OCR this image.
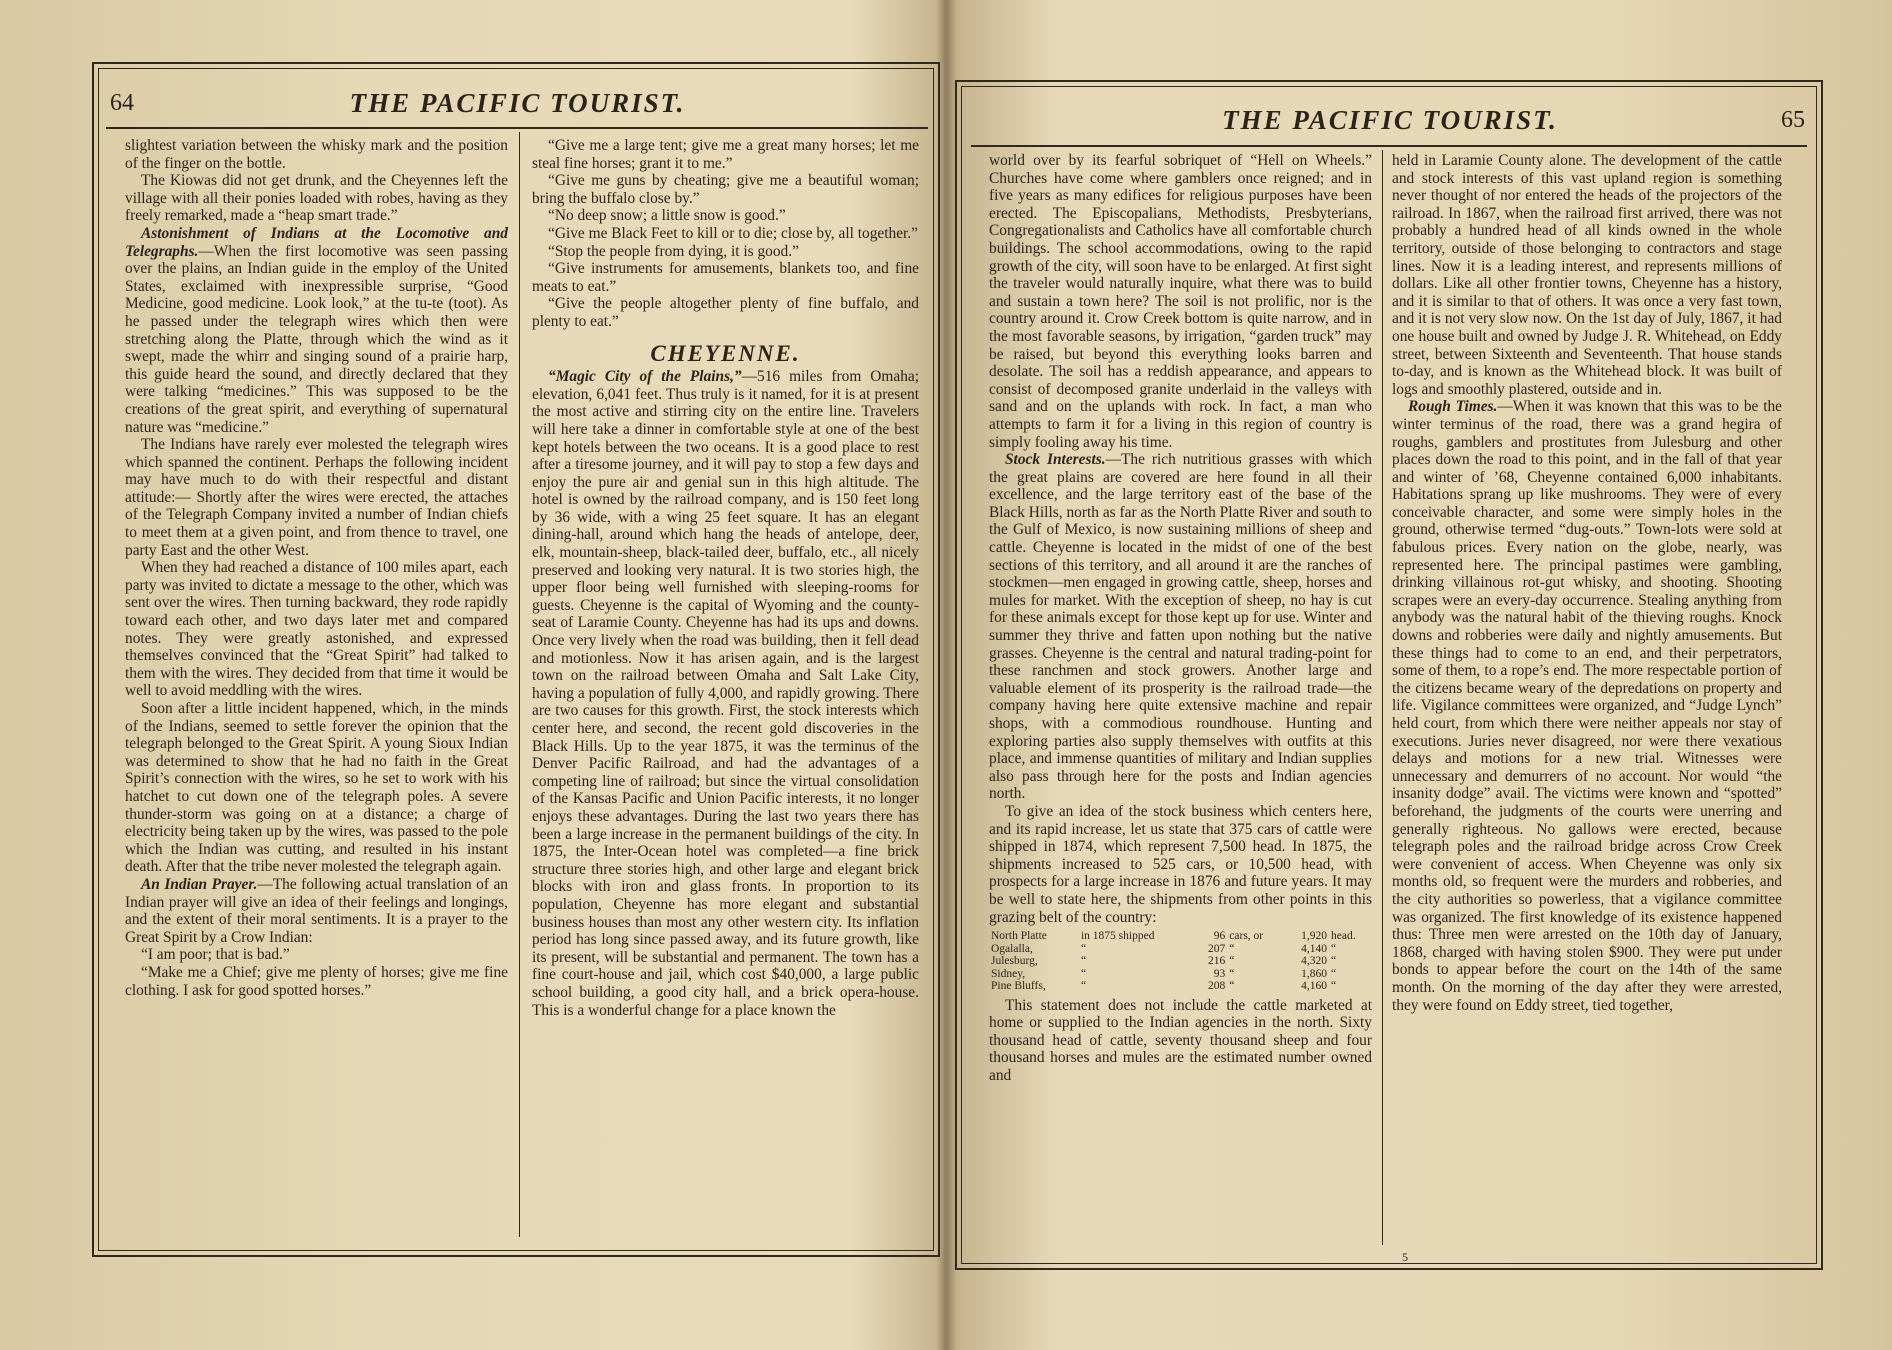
64	THE PACIFIC TOURIST.

slightest variation between the whisky mark and the position of the finger on the bottle.

The Kiowas did not get drunk, and the Cheyennes left the village with all their ponies loaded with robes, having as they freely remarked, made a “heap smart trade.”

Astonishment of Indians at the Locomotive and Telegraphs.—When the first locomotive was seen passing over the plains, an Indian guide in the employ of the United States, exclaimed with inexpressible surprise, “Good Medicine, good medicine. Look look,” at the tu-te (toot). As he passed under the telegraph wires which then were stretching along the Platte, through which the wind as it swept, made the whirr and singing sound of a prairie harp, this guide heard the sound, and directly declared that they were talking “medicines.” This was supposed to be the creations of the great spirit, and everything of supernatural nature was “medicine.”

The Indians have rarely ever molested the telegraph wires which spanned the continent. Perhaps the following incident may have much to do with their respectful and distant attitude:— Shortly after the wires were erected, the attaches of the Telegraph Company invited a number of Indian chiefs to meet them at a given point, and from thence to travel, one party East and the other West.

When they had reached a distance of 100 miles apart, each party was invited to dictate a message to the other, which was sent over the wires. Then turning backward, they rode rapidly toward each other, and two days later met and compared notes. They were greatly astonished, and expressed themselves convinced that the “Great Spirit” had talked to them with the wires. They decided from that time it would be well to avoid meddling with the wires.

Soon after a little incident happened, which, in the minds of the Indians, seemed to settle forever the opinion that the telegraph belonged to the Great Spirit. A young Sioux Indian was determined to show that he had no faith in the Great Spirit’s connection with the wires, so he set to work with his hatchet to cut down one of the telegraph poles. A severe thunder-storm was going on at a distance; a charge of electricity being taken up by the wires, was passed to the pole which the Indian was cutting, and resulted in his instant death. After that the tribe never molested the telegraph again.

An Indian Prayer.—The following actual translation of an Indian prayer will give an idea of their feelings and longings, and the extent of their moral sentiments. It is a prayer to the Great Spirit by a Crow Indian:

“I am poor; that is bad.”

“Make me a Chief; give me plenty of horses; give me fine clothing. I ask for good spotted horses.”

“Give me a large tent; give me a great many horses; let me steal fine horses; grant it to me.”

“Give me guns by cheating; give me a beautiful woman; bring the buffalo close by.”

“No deep snow; a little snow is good.”

“Give me Black Feet to kill or to die; close by, all together.”

“Stop the people from dying, it is good.”

“Give instruments for amusements, blankets too, and fine meats to eat.”

“Give the people altogether plenty of fine buffalo, and plenty to eat.”

CHEYENNE.

“Magic City of the Plains,”—516 miles from Omaha; elevation, 6,041 feet. Thus truly is it named, for it is at present the most active and stirring city on the entire line. Travelers will here take a dinner in comfortable style at one of the best kept hotels between the two oceans. It is a good place to rest after a tiresome journey, and it will pay to stop a few days and enjoy the pure air and genial sun in this high altitude. The hotel is owned by the railroad company, and is 150 feet long by 36 wide, with a wing 25 feet square. It has an elegant dining-hall, around which hang the heads of antelope, deer, elk, mountain-sheep, black-tailed deer, buffalo, etc., all nicely preserved and looking very natural. It is two stories high, the upper floor being well furnished with sleeping-rooms for guests. Cheyenne is the capital of Wyoming and the county-seat of Laramie County. Cheyenne has had its ups and downs. Once very lively when the road was building, then it fell dead and motionless. Now it has arisen again, and is the largest town on the railroad between Omaha and Salt Lake City, having a population of fully 4,000, and rapidly growing. There are two causes for this growth. First, the stock interests which center here, and second, the recent gold discoveries in the Black Hills. Up to the year 1875, it was the terminus of the Denver Pacific Railroad, and had the advantages of a competing line of railroad; but since the virtual consolidation of the Kansas Pacific and Union Pacific interests, it no longer enjoys these advantages. During the last two years there has been a large increase in the permanent buildings of the city. In 1875, the Inter-Ocean hotel was completed—a fine brick structure three stories high, and other large and elegant brick blocks with iron and glass fronts. In proportion to its population, Cheyenne has more elegant and substantial business houses than most any other western city. Its inflation period has long since passed away, and its future growth, like its present, will be substantial and permanent. The town has a fine court-house and jail, which cost $40,000, a large public school building, a good city hall, and a brick opera-house. This is a wonderful change for a place known the

THE PACIFIC TOURIST.	65

world over by its fearful sobriquet of “Hell on Wheels.” Churches have come where gamblers once reigned; and in five years as many edifices for religious purposes have been erected. The Episcopalians, Methodists, Presbyterians, Congregationalists and Catholics have all comfortable church buildings. The school accommodations, owing to the rapid growth of the city, will soon have to be enlarged. At first sight the traveler would naturally inquire, what there was to build and sustain a town here? The soil is not prolific, nor is the country around it. Crow Creek bottom is quite narrow, and in the most favorable seasons, by irrigation, “garden truck” may be raised, but beyond this everything looks barren and desolate. The soil has a reddish appearance, and appears to consist of decomposed granite underlaid in the valleys with sand and on the uplands with rock. In fact, a man who attempts to farm it for a living in this region of country is simply fooling away his time.

Stock Interests.—The rich nutritious grasses with which the great plains are covered are here found in all their excellence, and the large territory east of the base of the Black Hills, north as far as the North Platte River and south to the Gulf of Mexico, is now sustaining millions of sheep and cattle. Cheyenne is located in the midst of one of the best sections of this territory, and all around it are the ranches of stockmen—men engaged in growing cattle, sheep, horses and mules for market. With the exception of sheep, no hay is cut for these animals except for those kept up for use. Winter and summer they thrive and fatten upon nothing but the native grasses. Cheyenne is the central and natural trading-point for these ranchmen and stock growers. Another large and valuable element of its prosperity is the railroad trade—the company having here quite extensive machine and repair shops, with a commodious roundhouse. Hunting and exploring parties also supply themselves with outfits at this place, and immense quantities of military and Indian supplies also pass through here for the posts and Indian agencies north.

To give an idea of the stock business which centers here, and its rapid increase, let us state that 375 cars of cattle were shipped in 1874, which represent 7,500 head. In 1875, the shipments increased to 525 cars, or 10,500 head, with prospects for a large increase in 1876 and future years. It may be well to state here, the shipments from other points in this grazing belt of the country:

North Platte	in 1875 shipped	96	cars, or	1,920	head.
Ogalalla,	“	207	“	4,140	“
Julesburg,	“	216	“	4,320	“
Sidney,	“	93	“	1,860	“
Pine Bluffs,	“	208	“	4,160	“

This statement does not include the cattle marketed at home or supplied to the Indian agencies in the north. Sixty thousand head of cattle, seventy thousand sheep and four thousand horses and mules are the estimated number owned and

held in Laramie County alone. The development of the cattle and stock interests of this vast upland region is something never thought of nor entered the heads of the projectors of the railroad. In 1867, when the railroad first arrived, there was not probably a hundred head of all kinds owned in the whole territory, outside of those belonging to contractors and stage lines. Now it is a leading interest, and represents millions of dollars. Like all other frontier towns, Cheyenne has a history, and it is similar to that of others. It was once a very fast town, and it is not very slow now. On the 1st day of July, 1867, it had one house built and owned by Judge J. R. Whitehead, on Eddy street, between Sixteenth and Seventeenth. That house stands to-day, and is known as the Whitehead block. It was built of logs and smoothly plastered, outside and in.

Rough Times.—When it was known that this was to be the winter terminus of the road, there was a grand hegira of roughs, gamblers and prostitutes from Julesburg and other places down the road to this point, and in the fall of that year and winter of ’68, Cheyenne contained 6,000 inhabitants. Habitations sprang up like mushrooms. They were of every conceivable character, and some were simply holes in the ground, otherwise termed “dug-outs.” Town-lots were sold at fabulous prices. Every nation on the globe, nearly, was represented here. The principal pastimes were gambling, drinking villainous rot-gut whisky, and shooting. Shooting scrapes were an every-day occurrence. Stealing anything from anybody was the natural habit of the thieving roughs. Knock downs and robberies were daily and nightly amusements. But these things had to come to an end, and their perpetrators, some of them, to a rope’s end. The more respectable portion of the citizens became weary of the depredations on property and life. Vigilance committees were organized, and “Judge Lynch” held court, from which there were neither appeals nor stay of executions. Juries never disagreed, nor were there vexatious delays and motions for a new trial. Witnesses were unnecessary and demurrers of no account. Nor would “the insanity dodge” avail. The victims were known and “spotted” beforehand, the judgments of the courts were unerring and generally righteous. No gallows were erected, because telegraph poles and the railroad bridge across Crow Creek were convenient of access. When Cheyenne was only six months old, so frequent were the murders and robberies, and the city authorities so powerless, that a vigilance committee was organized. The first knowledge of its existence happened thus: Three men were arrested on the 10th day of January, 1868, charged with having stolen $900. They were put under bonds to appear before the court on the 14th of the same month. On the morning of the day after they were arrested, they were found on Eddy street, tied together,

5
